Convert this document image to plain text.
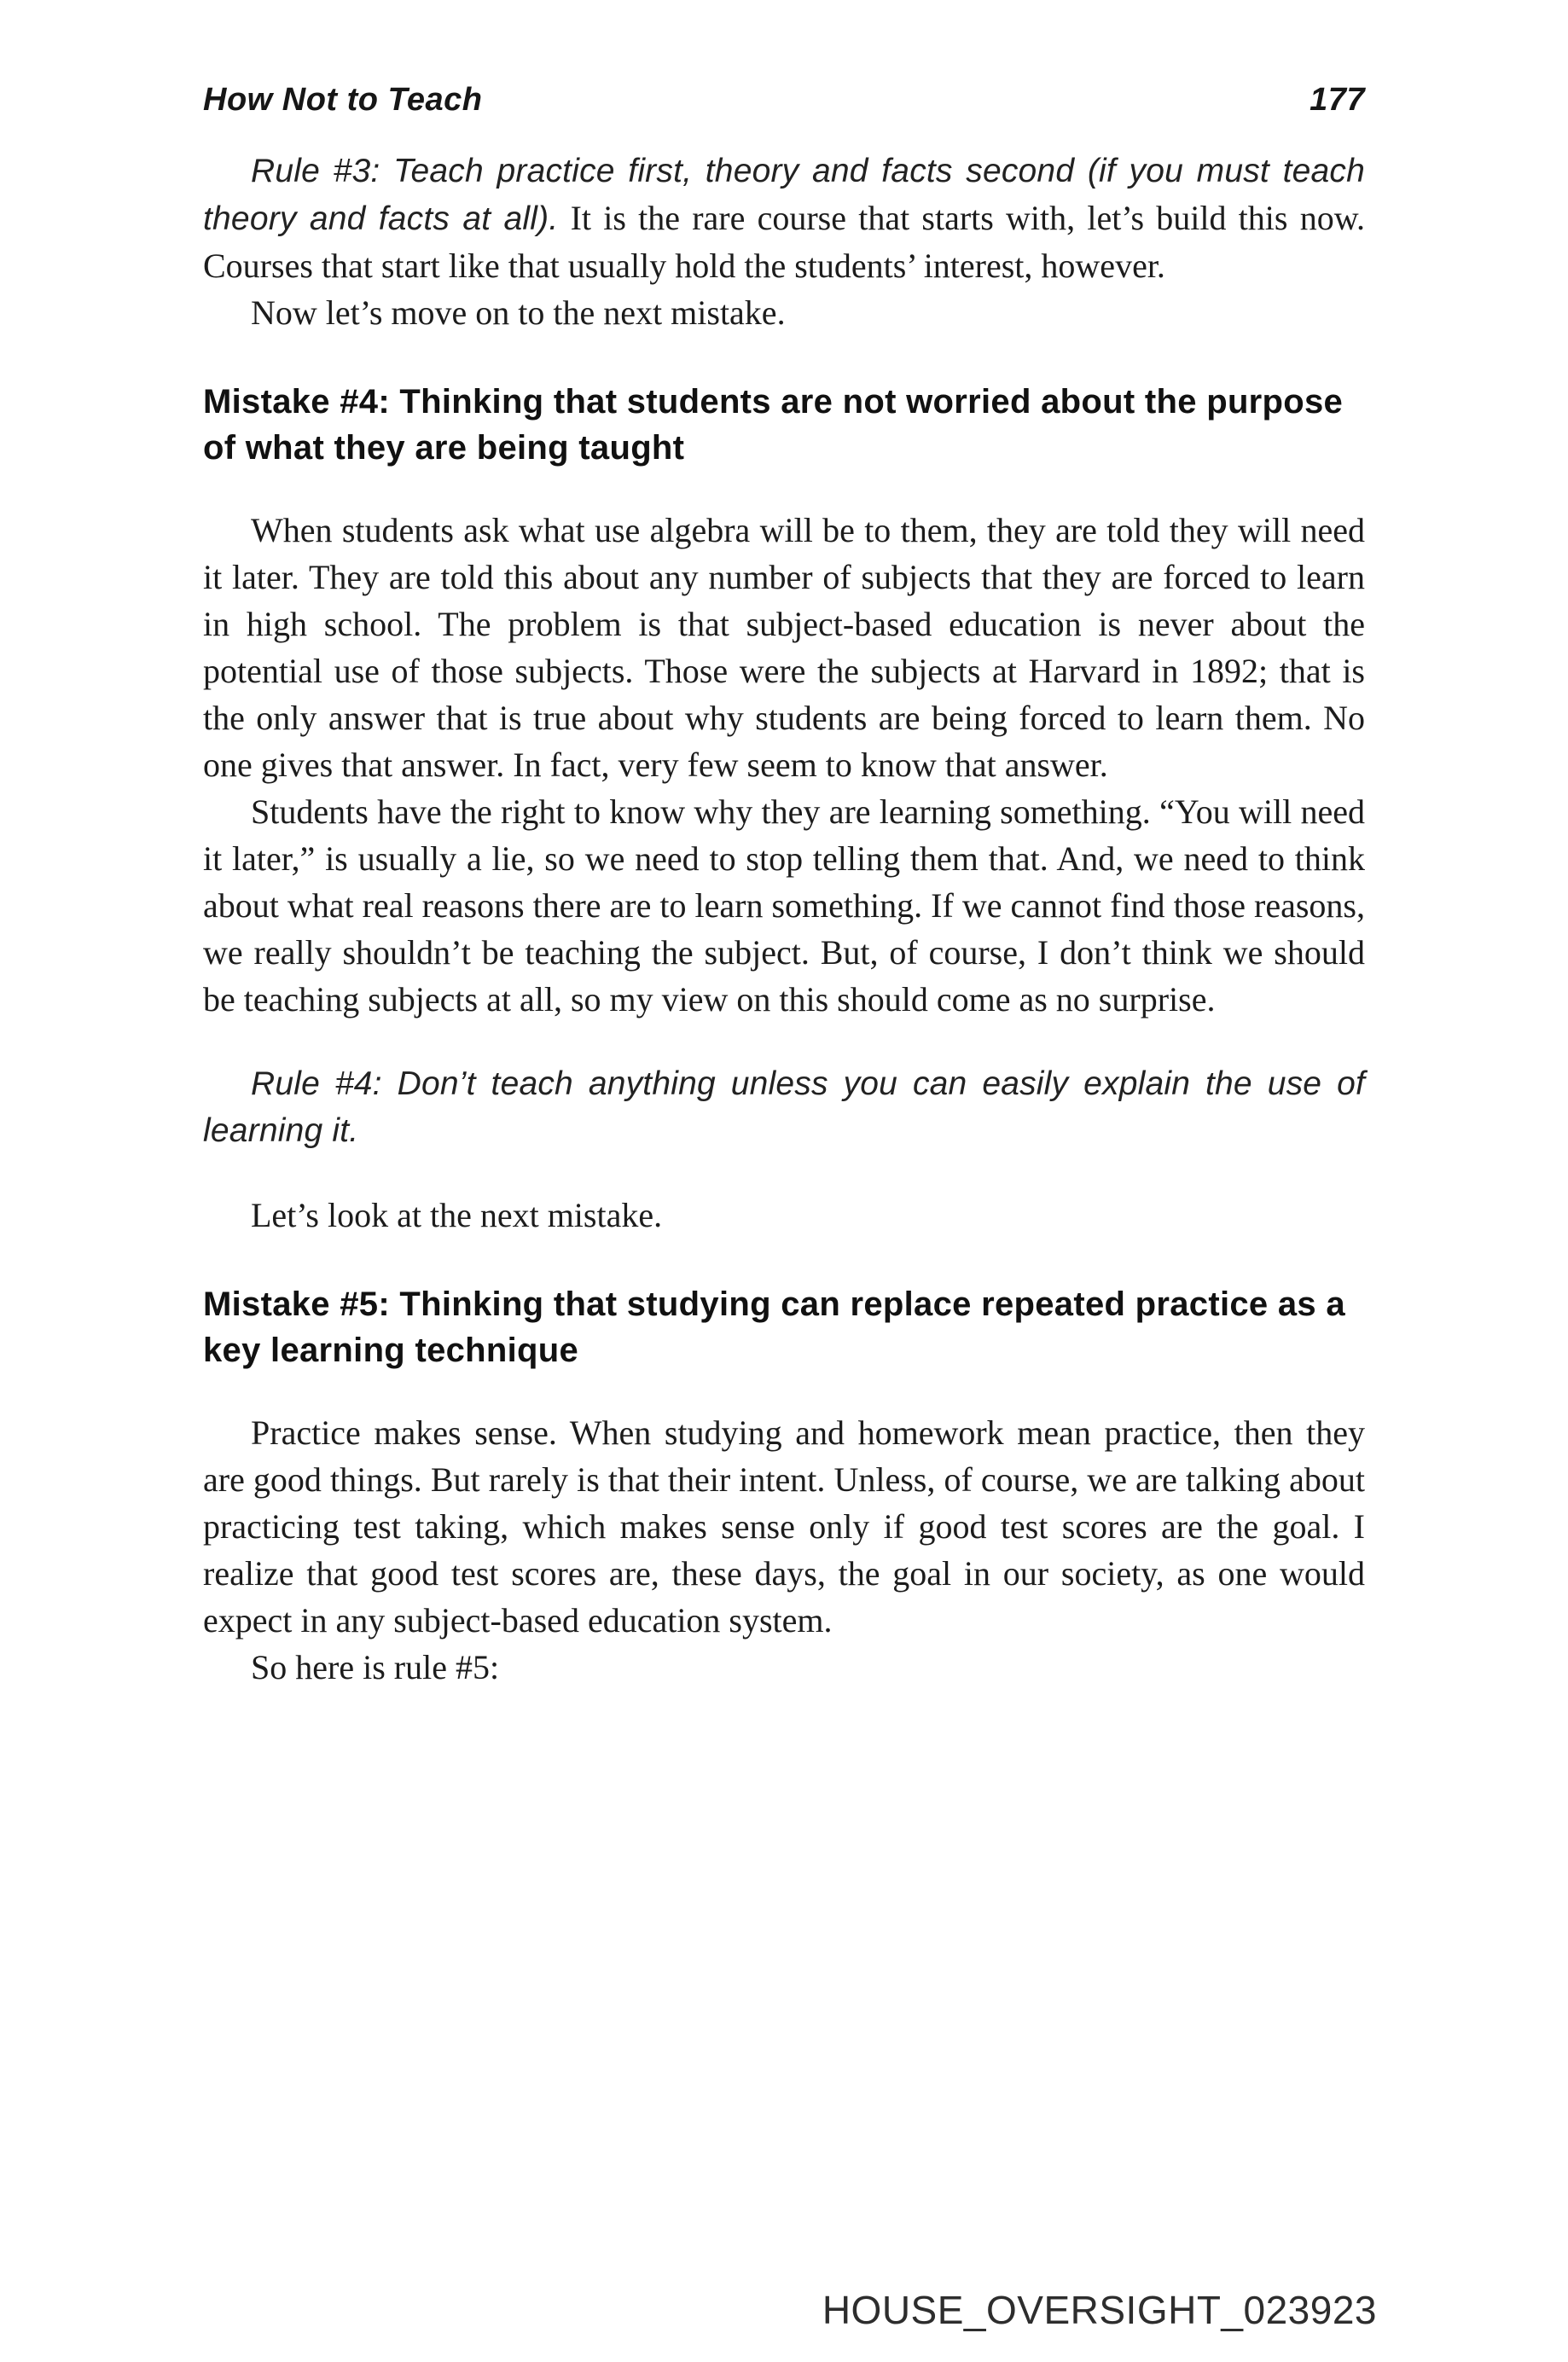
How Not to Teach	177

Rule #3: Teach practice first, theory and facts second (if you must teach theory and facts at all). It is the rare course that starts with, let’s build this now. Courses that start like that usually hold the students’ interest, however.

Now let’s move on to the next mistake.

Mistake #4: Thinking that students are not worried about the purpose of what they are being taught

When students ask what use algebra will be to them, they are told they will need it later. They are told this about any number of subjects that they are forced to learn in high school. The problem is that subject-based education is never about the potential use of those subjects. Those were the subjects at Harvard in 1892; that is the only answer that is true about why students are being forced to learn them. No one gives that answer. In fact, very few seem to know that answer.

Students have the right to know why they are learning something. “You will need it later,” is usually a lie, so we need to stop telling them that. And, we need to think about what real reasons there are to learn something. If we cannot find those reasons, we really shouldn’t be teaching the subject. But, of course, I don’t think we should be teaching subjects at all, so my view on this should come as no surprise.

Rule #4: Don’t teach anything unless you can easily explain the use of learning it.

Let’s look at the next mistake.

Mistake #5: Thinking that studying can replace repeated practice as a key learning technique

Practice makes sense. When studying and homework mean practice, then they are good things. But rarely is that their intent. Unless, of course, we are talking about practicing test taking, which makes sense only if good test scores are the goal. I realize that good test scores are, these days, the goal in our society, as one would expect in any subject-based education system.

So here is rule #5:

HOUSE_OVERSIGHT_023923
